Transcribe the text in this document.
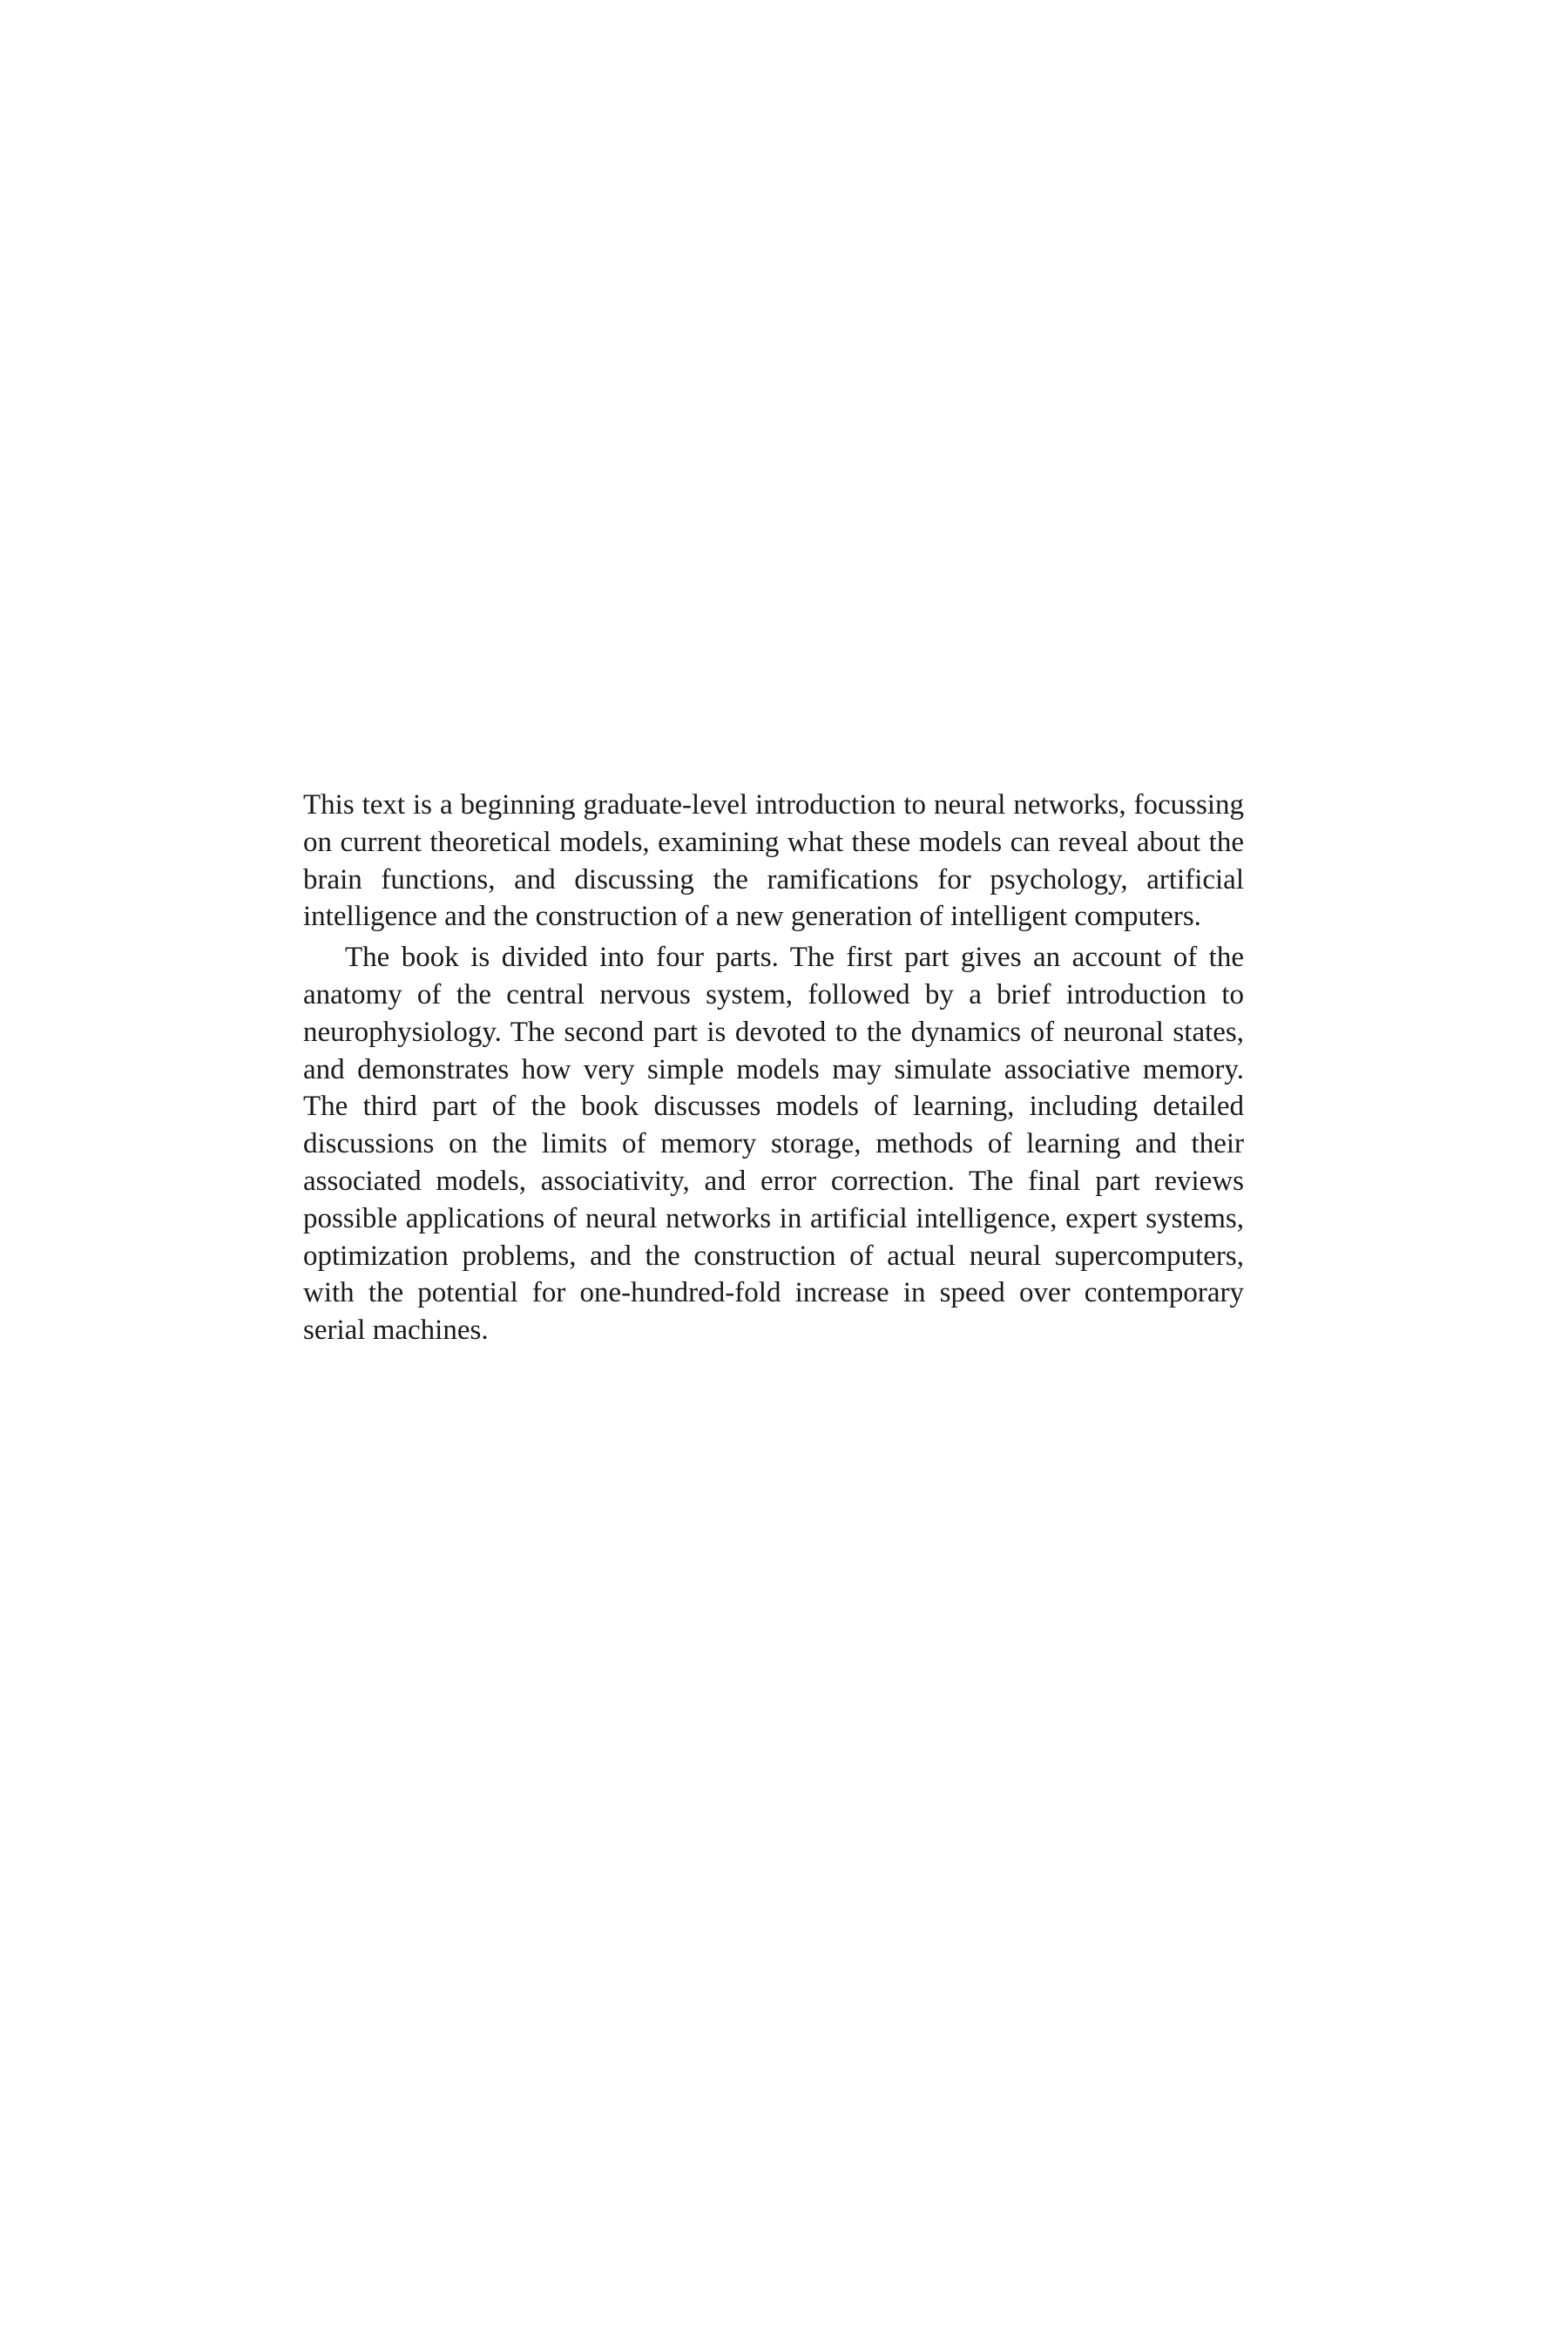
This text is a beginning graduate-level introduction to neural networks, focussing on current theoretical models, examining what these models can reveal about the brain functions, and discussing the ramifications for psychology, artificial intelligence and the construction of a new generation of intelligent computers.

The book is divided into four parts. The first part gives an account of the anatomy of the central nervous system, followed by a brief introduction to neurophysiology. The second part is devoted to the dynamics of neuronal states, and demonstrates how very simple models may simulate associative memory. The third part of the book discusses models of learning, including detailed discussions on the limits of memory storage, methods of learning and their associated models, associativity, and error correction. The final part reviews possible applications of neural networks in artificial intelligence, expert systems, optimization problems, and the construction of actual neural supercomputers, with the potential for one-hundred-fold increase in speed over contemporary serial machines.
